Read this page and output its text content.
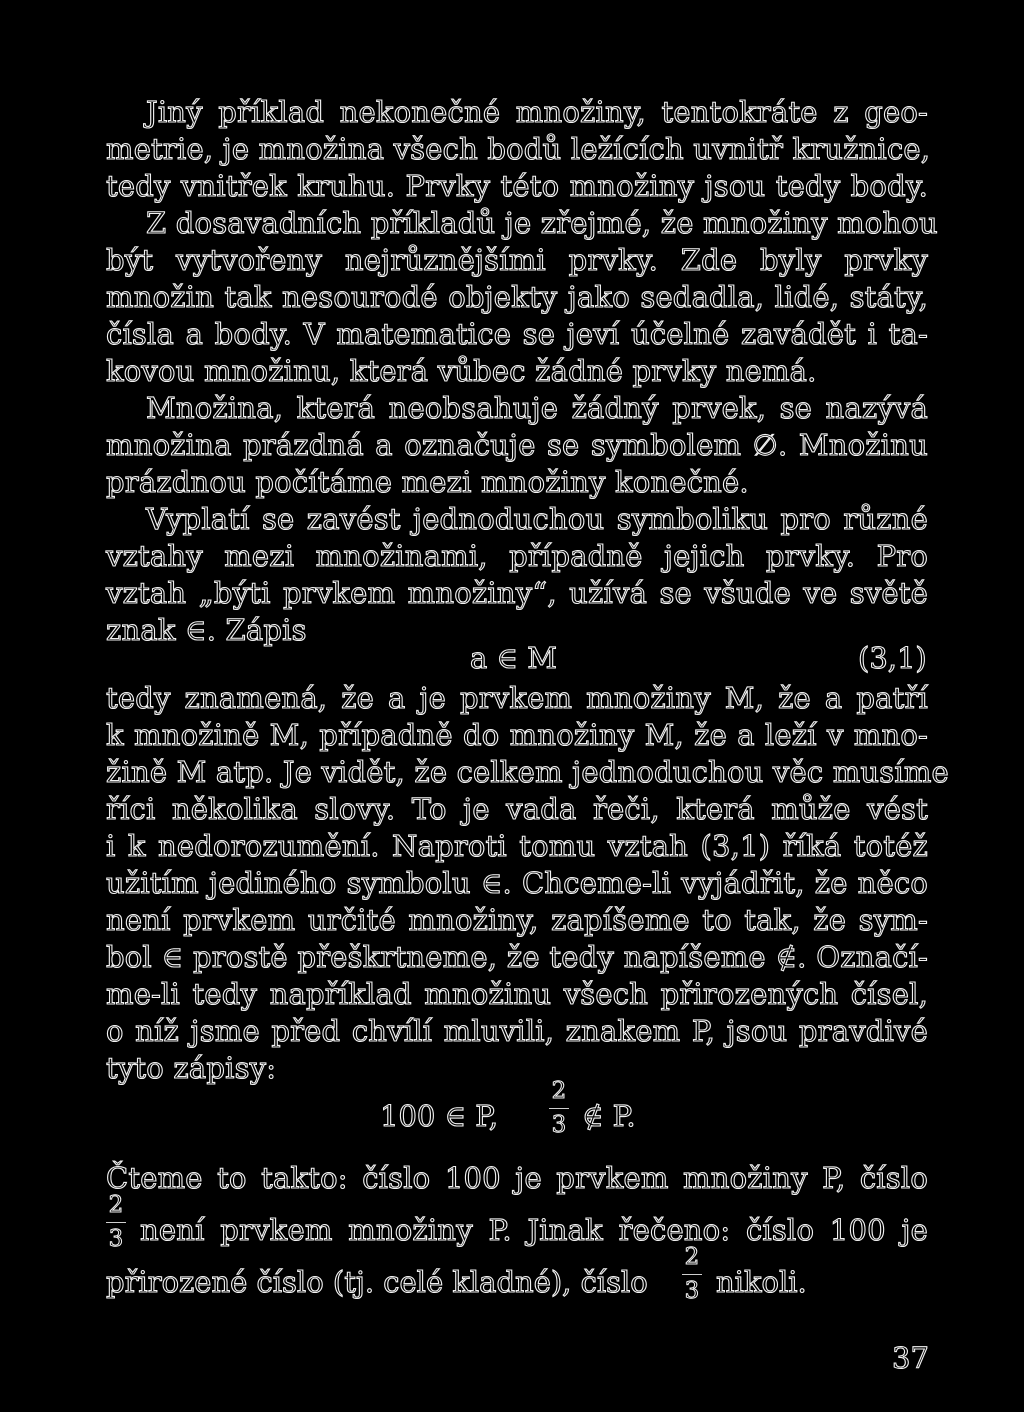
Jiný příklad nekonečné množiny, tentokráte z geo-
metrie, je množina všech bodů ležících uvnitř kružnice,
tedy vnitřek kruhu. Prvky této množiny jsou tedy body.
Z dosavadních příkladů je zřejmé, že množiny mohou
být vytvořeny nejrůznějšími prvky. Zde byly prvky
množin tak nesourodé objekty jako sedadla, lidé, státy,
čísla a body. V matematice se jeví účelné zavádět i ta-
kovou množinu, která vůbec žádné prvky nemá.
Množina, která neobsahuje žádný prvek, se nazývá
množina prázdná a označuje se symbolem ∅. Množinu
prázdnou počítáme mezi množiny konečné.
Vyplatí se zavést jednoduchou symboliku pro různé
vztahy mezi množinami, případně jejich prvky. Pro
vztah „býti prvkem množiny“, užívá se všude ve světě
znak ∈. Zápis
a ∈ M	(3,1)
tedy znamená, že a je prvkem množiny M, že a patří
k množině M, případně do množiny M, že a leží v mno-
žině M atp. Je vidět, že celkem jednoduchou věc musíme
říci několika slovy. To je vada řeči, která může vést
i k nedorozumění. Naproti tomu vztah (3,1) říká totéž
užitím jediného symbolu ∈. Chceme-li vyjádřit, že něco
není prvkem určité množiny, zapíšeme to tak, že sym-
bol ∈ prostě přeškrtneme, že tedy napíšeme ∉. Označí-
me-li tedy například množinu všech přirozených čísel,
o níž jsme před chvílí mluvili, znakem P, jsou pravdivé
tyto zápisy:
100 ∈ P,
2
3 ∉ P.
Čteme to takto: číslo 100 je prvkem množiny P, číslo
2
3 není prvkem množiny P. Jinak řečeno: číslo 100 je
přirozené číslo (tj. celé kladné), číslo
2
3 nikoli.
37
